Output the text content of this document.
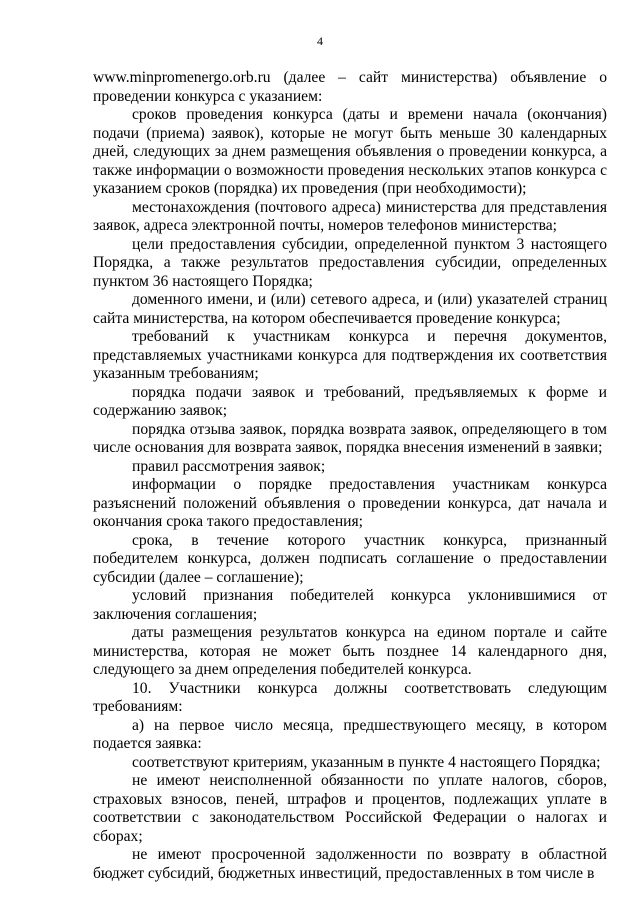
4

www.minpromenergo.orb.ru (далее – сайт министерства) объявление о проведении конкурса с указанием:

сроков проведения конкурса (даты и времени начала (окончания) подачи (приема) заявок), которые не могут быть меньше 30 календарных дней, следующих за днем размещения объявления о проведении конкурса, а также информации о возможности проведения нескольких этапов конкурса с указанием сроков (порядка) их проведения (при необходимости);

местонахождения (почтового адреса) министерства для представления заявок, адреса электронной почты, номеров телефонов министерства;

цели предоставления субсидии, определенной пунктом 3 настоящего Порядка, а также результатов предоставления субсидии, определенных пунктом 36 настоящего Порядка;

доменного имени, и (или) сетевого адреса, и (или) указателей страниц сайта министерства, на котором обеспечивается проведение конкурса;

требований к участникам конкурса и перечня документов, представляемых участниками конкурса для подтверждения их соответствия указанным требованиям;

порядка подачи заявок и требований, предъявляемых к форме и содержанию заявок;

порядка отзыва заявок, порядка возврата заявок, определяющего в том числе основания для возврата заявок, порядка внесения изменений в заявки;

правил рассмотрения заявок;

информации о порядке предоставления участникам конкурса разъяснений положений объявления о проведении конкурса, дат начала и окончания срока такого предоставления;

срока, в течение которого участник конкурса, признанный победителем конкурса, должен подписать соглашение о предоставлении субсидии (далее – соглашение);

условий признания победителей конкурса уклонившимися от заключения соглашения;

даты размещения результатов конкурса на едином портале и сайте министерства, которая не может быть позднее 14 календарного дня, следующего за днем определения победителей конкурса.

10. Участники конкурса должны соответствовать следующим требованиям:

а) на первое число месяца, предшествующего месяцу, в котором подается заявка:

соответствуют критериям, указанным в пункте 4 настоящего Порядка;

не имеют неисполненной обязанности по уплате налогов, сборов, страховых взносов, пеней, штрафов и процентов, подлежащих уплате в соответствии с законодательством Российской Федерации о налогах и сборах;

не имеют просроченной задолженности по возврату в областной бюджет субсидий, бюджетных инвестиций, предоставленных в том числе в
